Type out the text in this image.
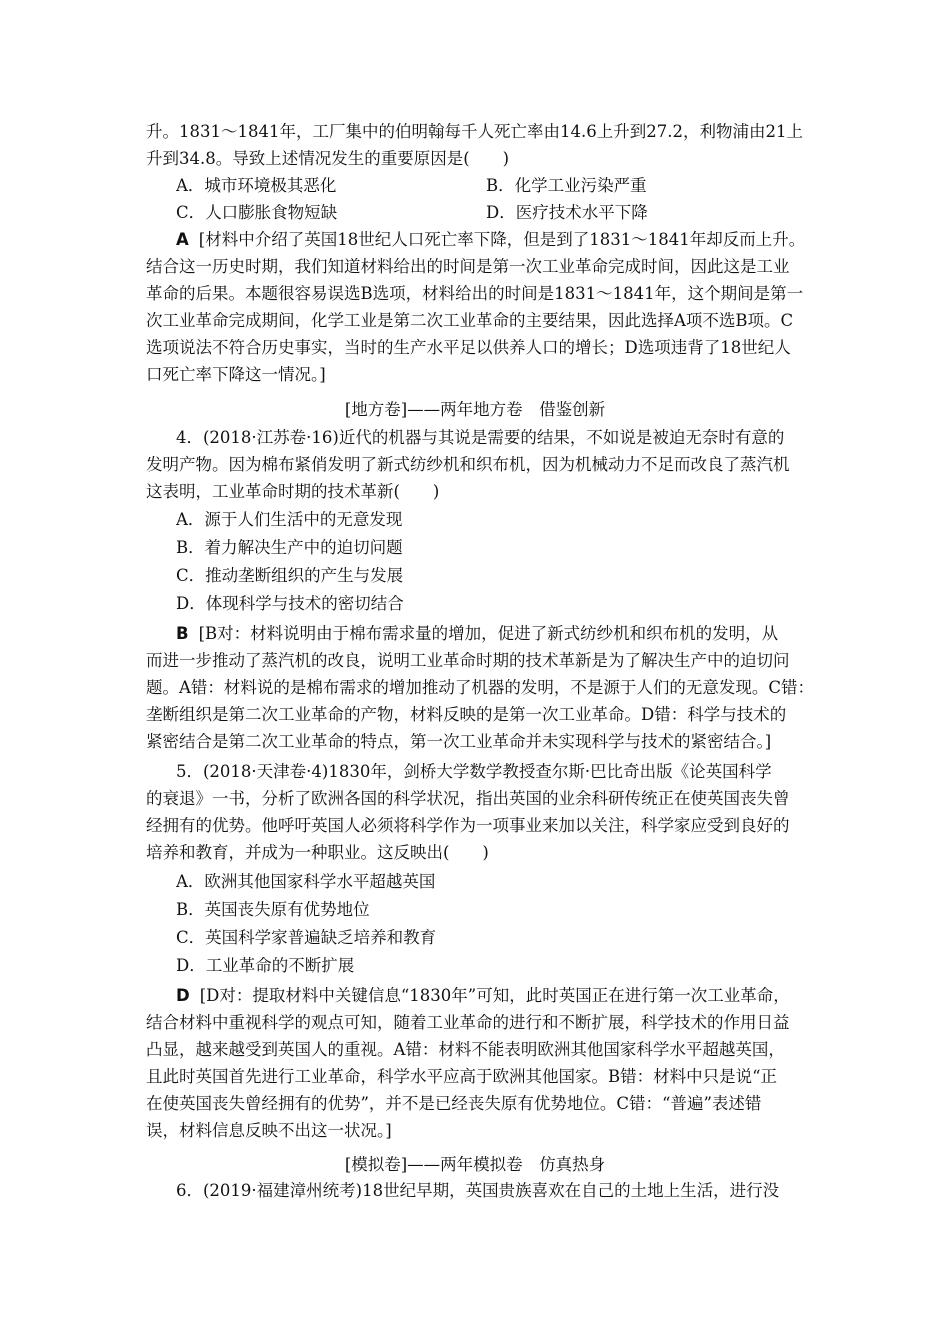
升。1831～1841年，工厂集中的伯明翰每千人死亡率由14.6上升到27.2，利物浦由21上
升到34.8。导致上述情况发生的重要原因是(　　)
A．城市环境极其恶化	B．化学工业污染严重
C．人口膨胀食物短缺	D．医疗技术水平下降
A [材料中介绍了英国18世纪人口死亡率下降，但是到了1831～1841年却反而上升。
结合这一历史时期，我们知道材料给出的时间是第一次工业革命完成时间，因此这是工业
革命的后果。本题很容易误选B选项，材料给出的时间是1831～1841年，这个期间是第一
次工业革命完成期间，化学工业是第二次工业革命的主要结果，因此选择A项不选B项。C
选项说法不符合历史事实，当时的生产水平足以供养人口的增长；D选项违背了18世纪人
口死亡率下降这一情况。]
[地方卷]——两年地方卷　借鉴创新
4．(2018·江苏卷·16)近代的机器与其说是需要的结果，不如说是被迫无奈时有意的
发明产物。因为棉布紧俏发明了新式纺纱机和织布机，因为机械动力不足而改良了蒸汽机
这表明，工业革命时期的技术革新(　　)
A．源于人们生活中的无意发现
B．着力解决生产中的迫切问题
C．推动垄断组织的产生与发展
D．体现科学与技术的密切结合
B [B对：材料说明由于棉布需求量的增加，促进了新式纺纱机和织布机的发明，从
而进一步推动了蒸汽机的改良，说明工业革命时期的技术革新是为了解决生产中的迫切问
题。A错：材料说的是棉布需求的增加推动了机器的发明，不是源于人们的无意发现。C错：
垄断组织是第二次工业革命的产物，材料反映的是第一次工业革命。D错：科学与技术的
紧密结合是第二次工业革命的特点，第一次工业革命并未实现科学与技术的紧密结合。]
5．(2018·天津卷·4)1830年，剑桥大学数学教授查尔斯·巴比奇出版《论英国科学
的衰退》一书，分析了欧洲各国的科学状况，指出英国的业余科研传统正在使英国丧失曾
经拥有的优势。他呼吁英国人必须将科学作为一项事业来加以关注，科学家应受到良好的
培养和教育，并成为一种职业。这反映出(　　)
A．欧洲其他国家科学水平超越英国
B．英国丧失原有优势地位
C．英国科学家普遍缺乏培养和教育
D．工业革命的不断扩展
D [D对：提取材料中关键信息“1830年”可知，此时英国正在进行第一次工业革命，
结合材料中重视科学的观点可知，随着工业革命的进行和不断扩展，科学技术的作用日益
凸显，越来越受到英国人的重视。A错：材料不能表明欧洲其他国家科学水平超越英国，
且此时英国首先进行工业革命，科学水平应高于欧洲其他国家。B错：材料中只是说“正
在使英国丧失曾经拥有的优势”，并不是已经丧失原有优势地位。C错：“普遍”表述错
误，材料信息反映不出这一状况。]
[模拟卷]——两年模拟卷　仿真热身
6．(2019·福建漳州统考)18世纪早期，英国贵族喜欢在自己的土地上生活，进行没
